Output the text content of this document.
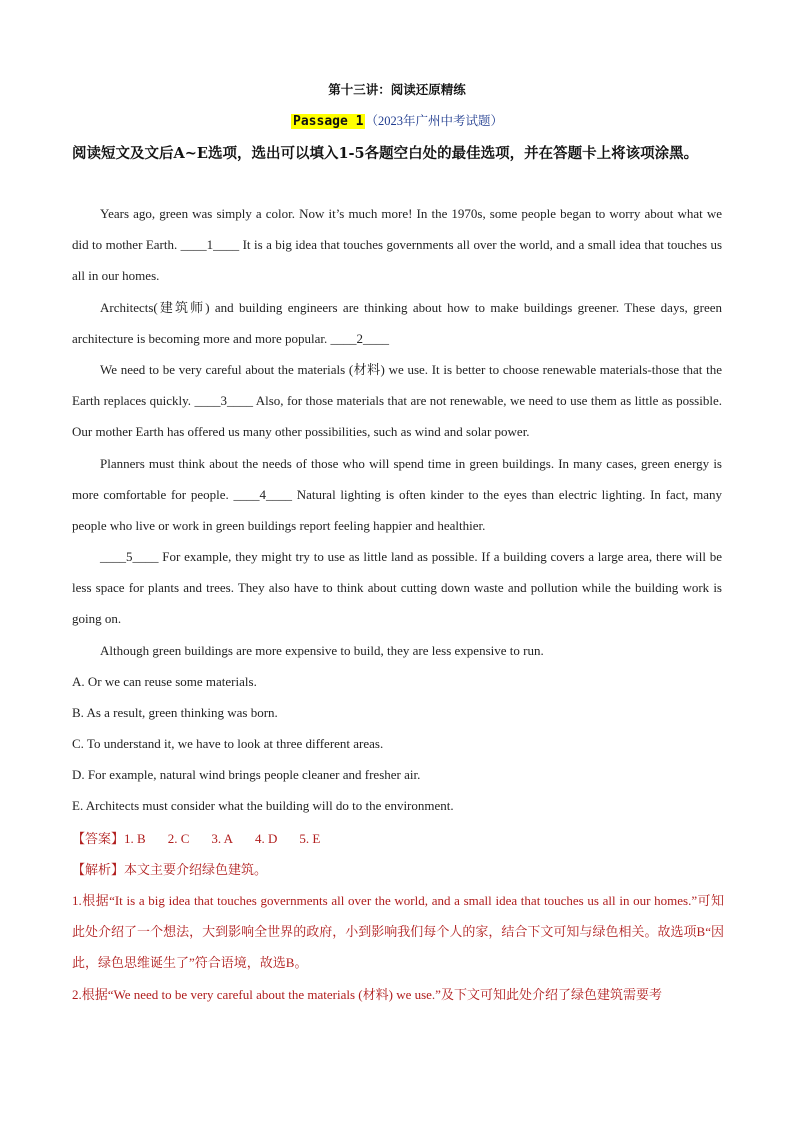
第十三讲：阅读还原精练
Passage 1 （2023年广州中考试题）

阅读短文及文后A~E选项，选出可以填入1-5各题空白处的最佳选项，并在答题卡上将该项涂黑。

Years ago, green was simply a color. Now it’s much more! In the 1970s, some people began to worry about what we did to mother Earth. ____1____ It is a big idea that touches governments all over the world, and a small idea that touches us all in our homes.

Architects(建筑师) and building engineers are thinking about how to make buildings greener. These days, green architecture is becoming more and more popular. ____2____

We need to be very careful about the materials (材料) we use. It is better to choose renewable materials-those that the Earth replaces quickly. ____3____ Also, for those materials that are not renewable, we need to use them as little as possible. Our mother Earth has offered us many other possibilities, such as wind and solar power.

Planners must think about the needs of those who will spend time in green buildings. In many cases, green energy is more comfortable for people. ____4____ Natural lighting is often kinder to the eyes than electric lighting. In fact, many people who live or work in green buildings report feeling happier and healthier.

____5____ For example, they might try to use as little land as possible. If a building covers a large area, there will be less space for plants and trees. They also have to think about cutting down waste and pollution while the building work is going on.

Although green buildings are more expensive to build, they are less expensive to run.

A. Or we can reuse some materials.

B. As a result, green thinking was born.

C. To understand it, we have to look at three different areas.

D. For example, natural wind brings people cleaner and fresher air.

E. Architects must consider what the building will do to the environment.

【答案】1. B 2. C 3. A 4. D 5. E
【解析】本文主要介绍绿色建筑。

1.根据“It is a big idea that touches governments all over the world, and a small idea that touches us all in our homes.”可知此处介绍了一个想法，大到影响全世界的政府，小到影响我们每个人的家，结合下文可知与绿色相关。故选项B“因此，绿色思维诞生了”符合语境，故选B。

2.根据“We need to be very careful about the materials (材料) we use.”及下文可知此处介绍了绿色建筑需要考
